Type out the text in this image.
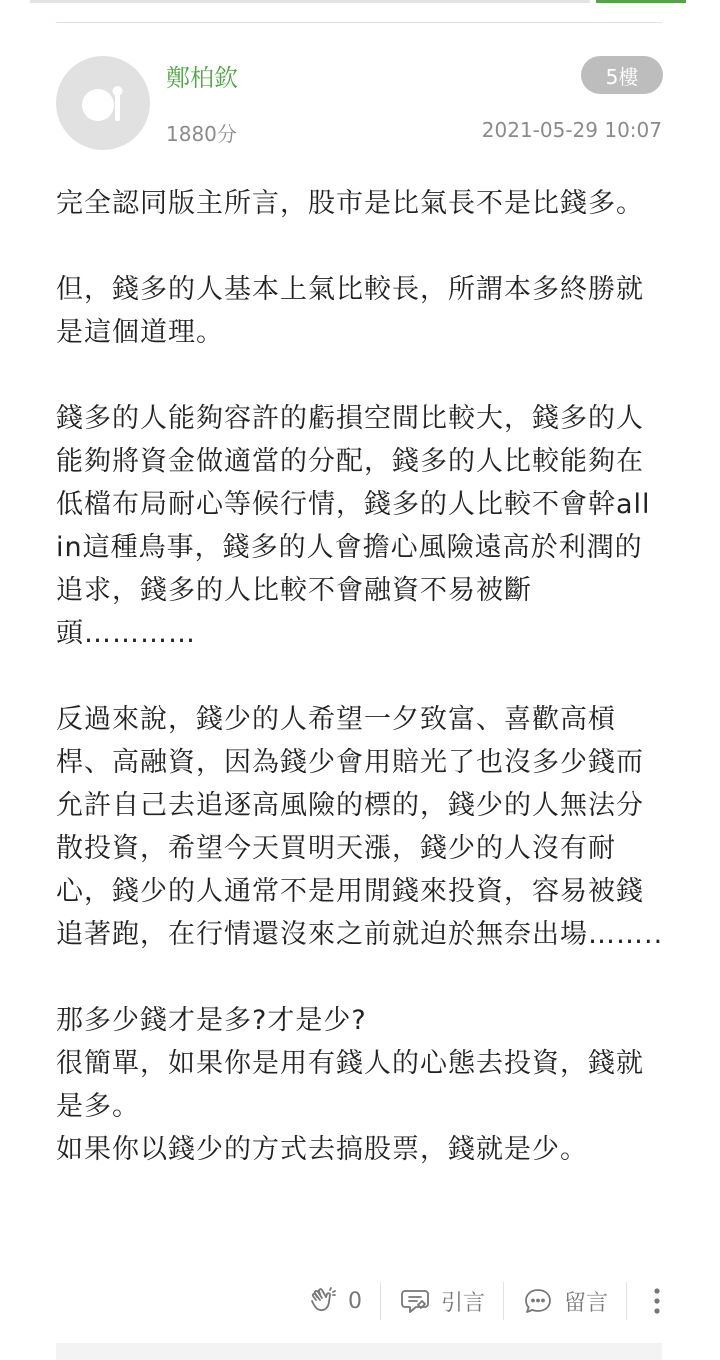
鄭柏欽
1880分
5樓
2021-05-29 10:07

完全認同版主所言，股市是比氣長不是比錢多。

但，錢多的人基本上氣比較長，所謂本多終勝就是這個道理。

錢多的人能夠容許的虧損空間比較大，錢多的人能夠將資金做適當的分配，錢多的人比較能夠在低檔布局耐心等候行情，錢多的人比較不會幹all in這種鳥事，錢多的人會擔心風險遠高於利潤的追求，錢多的人比較不會融資不易被斷頭…………

反過來說，錢少的人希望一夕致富、喜歡高槓桿、高融資，因為錢少會用賠光了也沒多少錢而允許自己去追逐高風險的標的，錢少的人無法分散投資，希望今天買明天漲，錢少的人沒有耐心，錢少的人通常不是用閒錢來投資，容易被錢追著跑，在行情還沒來之前就迫於無奈出場……..

那多少錢才是多?才是少?
很簡單，如果你是用有錢人的心態去投資，錢就是多。
如果你以錢少的方式去搞股票，錢就是少。

0	引言	留言
